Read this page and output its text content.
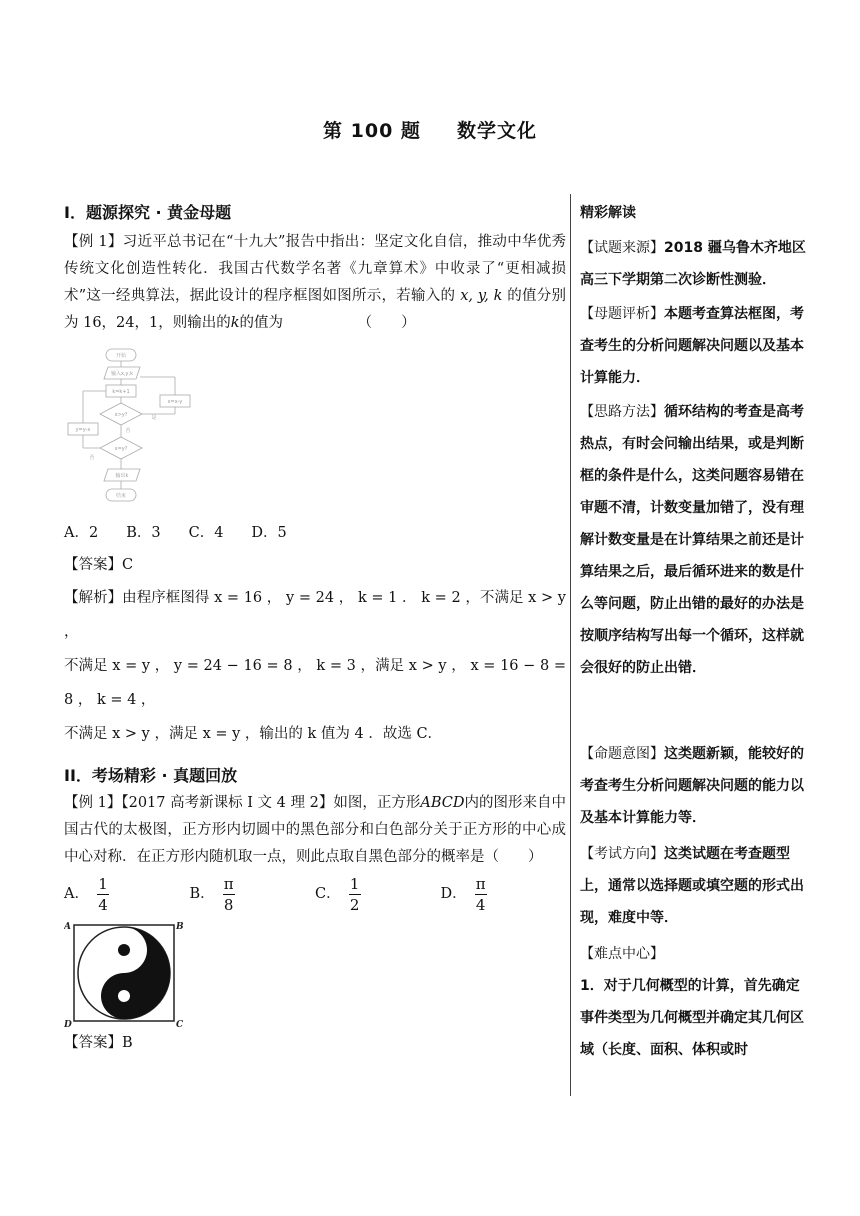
第 100 题 数学文化
I．题源探究 · 黄金母题
【例 1】习近平总书记在“十九大”报告中指出：坚定文化自信，推动中华优秀传统文化创造性转化．我国古代数学名著《九章算术》中收录了“更相减损术”这一经典算法，据此设计的程序框图如图所示，若输入的 x, y, k 的值分别为 16，24，1，则输出的k的值为	（　　）
开始
输入x,y,k
k=k+1
x>y?
x=x-y
是
否
y=y-x
x=y?
否
输出k
结束
A．2 B．3 C．4 D．5
【答案】C
【解析】由程序框图得 x = 16 ， y = 24 ， k = 1 ． k = 2 ，不满足 x > y ，
不满足 x = y ， y = 24 − 16 = 8 ， k = 3 ，满足 x > y ， x = 16 − 8 = 8 ， k = 4 ，
不满足 x > y ，满足 x = y ，输出的 k 值为 4 ．故选 C．
II．考场精彩 · 真题回放
【例 1】【2017 高考新课标 I 文 4 理 2】如图，正方形ABCD内的图形来自中国古代的太极图，正方形内切圆中的黑色部分和白色部分关于正方形的中心成中心对称．在正方形内随机取一点，则此点取自黑色部分的概率是（　　）
A． $\frac{1}{4}$	B． $\frac{\pi}{8}$	C． $\frac{1}{2}$	D． $\frac{\pi}{4}$
A	B
C
D
【答案】B
精彩解读
【试题来源】2018 疆乌鲁木齐地区高三下学期第二次诊断性测验．
【母题评析】本题考查算法框图，考查考生的分析问题解决问题以及基本计算能力．
【思路方法】循环结构的考查是高考热点，有时会问输出结果，或是判断框的条件是什么，这类问题容易错在审题不清，计数变量加错了，没有理解计数变量是在计算结果之前还是计算结果之后，最后循环进来的数是什么等问题，防止出错的最好的办法是按顺序结构写出每一个循环，这样就会很好的防止出错．
【命题意图】这类题新颖，能较好的考查考生分析问题解决问题的能力以及基本计算能力等．
【考试方向】这类试题在考查题型上，通常以选择题或填空题的形式出现，难度中等．
【难点中心】
1．对于几何概型的计算，首先确定事件类型为几何概型并确定其几何区域（长度、面积、体积或时
